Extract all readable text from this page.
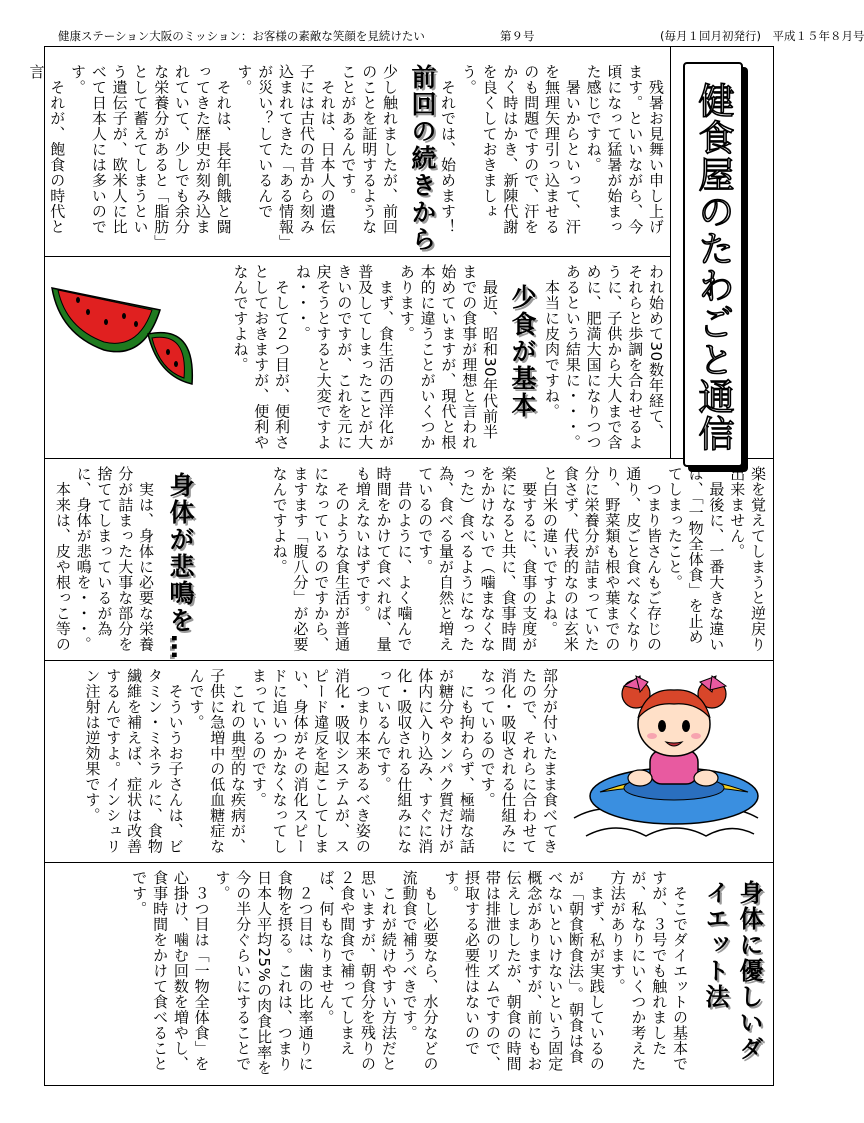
健康ステーション大阪のミッション：お客様の素敵な笑顔を見続けたい	第９号	(毎月１回月初発行)　平成１５年８月号
健食屋のたわごと通信
　残暑お見舞い申し上げます。といいながら、今頃になって猛暑が始まった感じですね。
　暑いからといって、汗を無理矢理引っ込ませるのも問題ですので、汗をかく時はかき、新陳代謝を良くしておきましょう。
　それでは、始めます！
前回の続きから
少し触れましたが、前回のことを証明するようなことがあるんです。
　それは、日本人の遺伝子には古代の昔から刻み込まれてきた「ある情報」が災い？しているんです。
　それは、長年飢餓と闘ってきた歴史が刻み込まれていて、少しでも余分な栄養分があると「脂肪」として蓄えてしまうという遺伝子が、欧米人に比べて日本人には多いのです。
　それが、飽食の時代と言
われ始めて30数年経て、それらと歩調を合わせるように、子供から大人まで含めに、肥満大国になりつつあるという結果に・・・。
　本当に皮肉ですね。
少食が基本
　最近、昭和30年代前半までの食事が理想と言われ始めていますが、現代と根本的に違うことがいくつかあります。
　まず、食生活の西洋化が普及してしまったことが大きいのですが、これを元に戻そうとすると大変ですよね・・・。
　そして２つ目が、便利さとしておきますが、便利やなんですよね。
楽を覚えてしまうと逆戻り出来ません。
　最後に、一番大きな違いは、「一物全体食」を止めてしまったこと。
　つまり皆さんもご存じの通り、皮ごと食べなくなりり、野菜類も根や葉までの分に栄養分が詰まっていた食さず、代表的なのは玄米と白米の違いですよね。
　要するに、食事の支度が楽になると共に、食事時間をかけないで（噛まなくなった）食べるようになった為、食べる量が自然と増えているのです。
　昔のように、よく噛んで時間をかけて食べれば、量も増えないはずです。
　そのような食生活が普通になっているのですから、ますます「腹八分」が必要なんですよね。
身体が悲鳴を…
　実は、身体に必要な栄養分が詰まった大事な部分を捨ててしまっているが為に、身体が悲鳴を・・・。
　本来は、皮や根っこ等の
部分が付いたまま食べてきたので、それらに合わせて消化・吸収される仕組みになっているのです。
　にも拘わらず、極端な話が糖分やタンパク質だけが体内に入り込み、すぐに消化・吸収される仕組みになっているんです。
　つまり本来あるべき姿の消化・吸収システムが、スピード違反を起こしてしまい、身体がその消化スピードに追いつかなくなってしまっているのです。
　これの典型的な疾病が、子供に急増中の低血糖症なんです。
　そういうお子さんは、ビタミン・ミネラルに、食物繊維を補えば、症状は改善するんですよ。インシュリン注射は逆効果です。
身体に優しいダイエット法
　そこでダイエットの基本ですが、３号でも触れましたが、私なりにいくつか考えた方法があります。
　まず、私が実践しているのが「朝食断食法」。朝食は食べないといけないという固定概念がありますが、前にもお伝えしましたが、朝食の時間帯は排泄のリズムですので、摂取する必要性はないのです。
　もし必要なら、水分などの流動食で補うべきです。
　これが続けやすい方法だと思いますが、朝食分を残りの２食や間食で補ってしまえば、何もなりません。
　２つ目は、歯の比率通りに食物を摂る。これは、つまり日本人平均25%の肉食比率を今の半分ぐらいにすることです。
　３つ目は「一物全体食」を心掛け、噛む回数を増やし、食事時間をかけて食べることです。
